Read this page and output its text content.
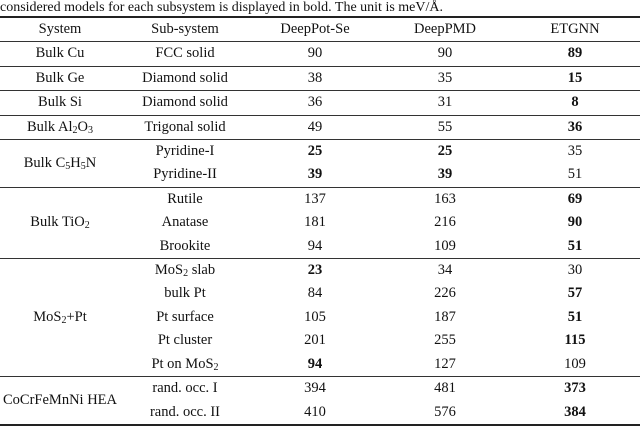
considered models for each subsystem is displayed in bold. The unit is meV/Å.
System	Sub-system	DeepPot-Se	DeepPMD	ETGNN
Bulk Cu	FCC solid	90	90	89
Bulk Ge	Diamond solid	38	35	15
Bulk Si	Diamond solid	36	31	8
Bulk $Al_2O_3$	Trigonal solid	49	55	36
Bulk $C_5H_5N$	Pyridine-I	25	25	35
	Pyridine-II	39	39	51
Bulk TiO$_2$	Rutile	137	163	69
	Anatase	181	216	90
	Brookite	94	109	51
MoS$_2$+Pt	MoS$_2$ slab	23	34	30
	bulk Pt	84	226	57
	Pt surface	105	187	51
	Pt cluster	201	255	115
	Pt on MoS$_2$	94	127	109
CoCrFeMnNi HEA	rand. occ. I	394	481	373
	rand. occ. II	410	576	384
